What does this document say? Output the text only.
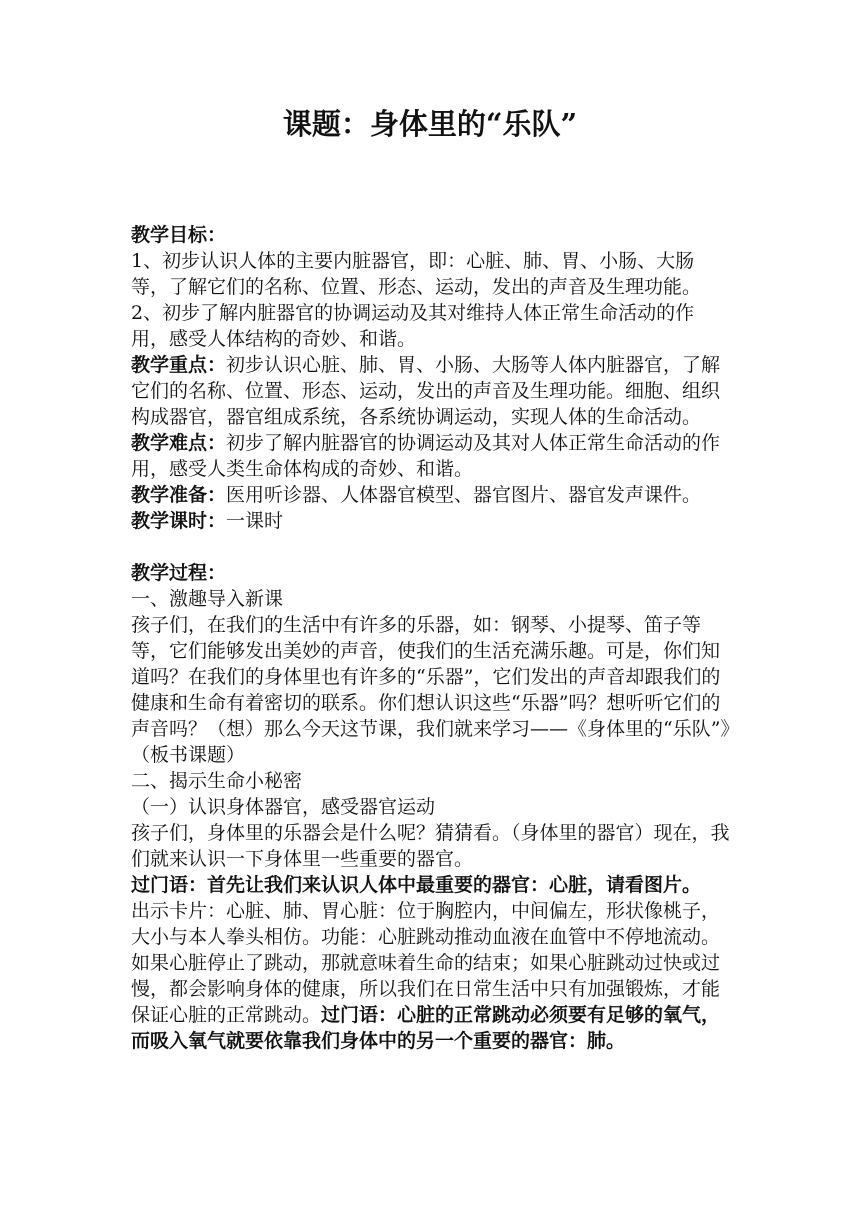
课题：身体里的“乐队”

教学目标：

1、初步认识人体的主要内脏器官，即：心脏、肺、胃、小肠、大肠等，了解它们的名称、位置、形态、运动，发出的声音及生理功能。

2、初步了解内脏器官的协调运动及其对维持人体正常生命活动的作用，感受人体结构的奇妙、和谐。

教学重点：初步认识心脏、肺、胃、小肠、大肠等人体内脏器官，了解它们的名称、位置、形态、运动，发出的声音及生理功能。细胞、组织构成器官，器官组成系统，各系统协调运动，实现人体的生命活动。

教学难点：初步了解内脏器官的协调运动及其对人体正常生命活动的作用，感受人类生命体构成的奇妙、和谐。

教学准备：医用听诊器、人体器官模型、器官图片、器官发声课件。

教学课时：一课时

教学过程：

一、激趣导入新课

孩子们，在我们的生活中有许多的乐器，如：钢琴、小提琴、笛子等等，它们能够发出美妙的声音，使我们的生活充满乐趣。可是，你们知道吗？在我们的身体里也有许多的“乐器”，它们发出的声音却跟我们的健康和生命有着密切的联系。你们想认识这些“乐器”吗？想听听它们的声音吗？（想）那么今天这节课，我们就来学习——《身体里的“乐队”》（板书课题）

二、揭示生命小秘密

（一）认识身体器官，感受器官运动

孩子们，身体里的乐器会是什么呢？猜猜看。（身体里的器官）现在，我们就来认识一下身体里一些重要的器官。

过门语：首先让我们来认识人体中最重要的器官：心脏，请看图片。

出示卡片：心脏、肺、胃心脏：位于胸腔内，中间偏左，形状像桃子，大小与本人拳头相仿。功能：心脏跳动推动血液在血管中不停地流动。如果心脏停止了跳动，那就意味着生命的结束；如果心脏跳动过快或过慢，都会影响身体的健康，所以我们在日常生活中只有加强锻炼，才能保证心脏的正常跳动。过门语：心脏的正常跳动必须要有足够的氧气，而吸入氧气就要依靠我们身体中的另一个重要的器官：肺。
